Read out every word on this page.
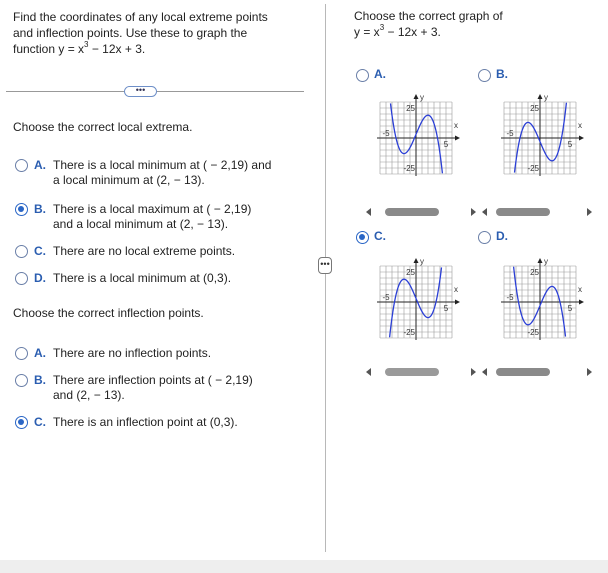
Find the coordinates of any local extreme points
and inflection points. Use these to graph the
function $y = x^3 - 12x + 3$.
•••
Choose the correct local extrema.
A. There is a local minimum at ( − 2,19) and
a local minimum at (2, − 13).
B. There is a local maximum at ( − 2,19)
and a local minimum at (2, − 13).
C. There are no local extreme points.
D. There is a local minimum at (0,3).
Choose the correct inflection points.
A. There are no inflection points.
B. There are inflection points at ( − 2,19)
and (2, − 13).
C. There is an inflection point at (0,3).
•••
Choose the correct graph of
$y = x^3 - 12x + 3$.
A.
y
x
25
-25
5
-5
B.
y
x
25
-25
5
-5
C.
y
x
25
-25
5
-5
D.
y
x
25
-25
5
-5
